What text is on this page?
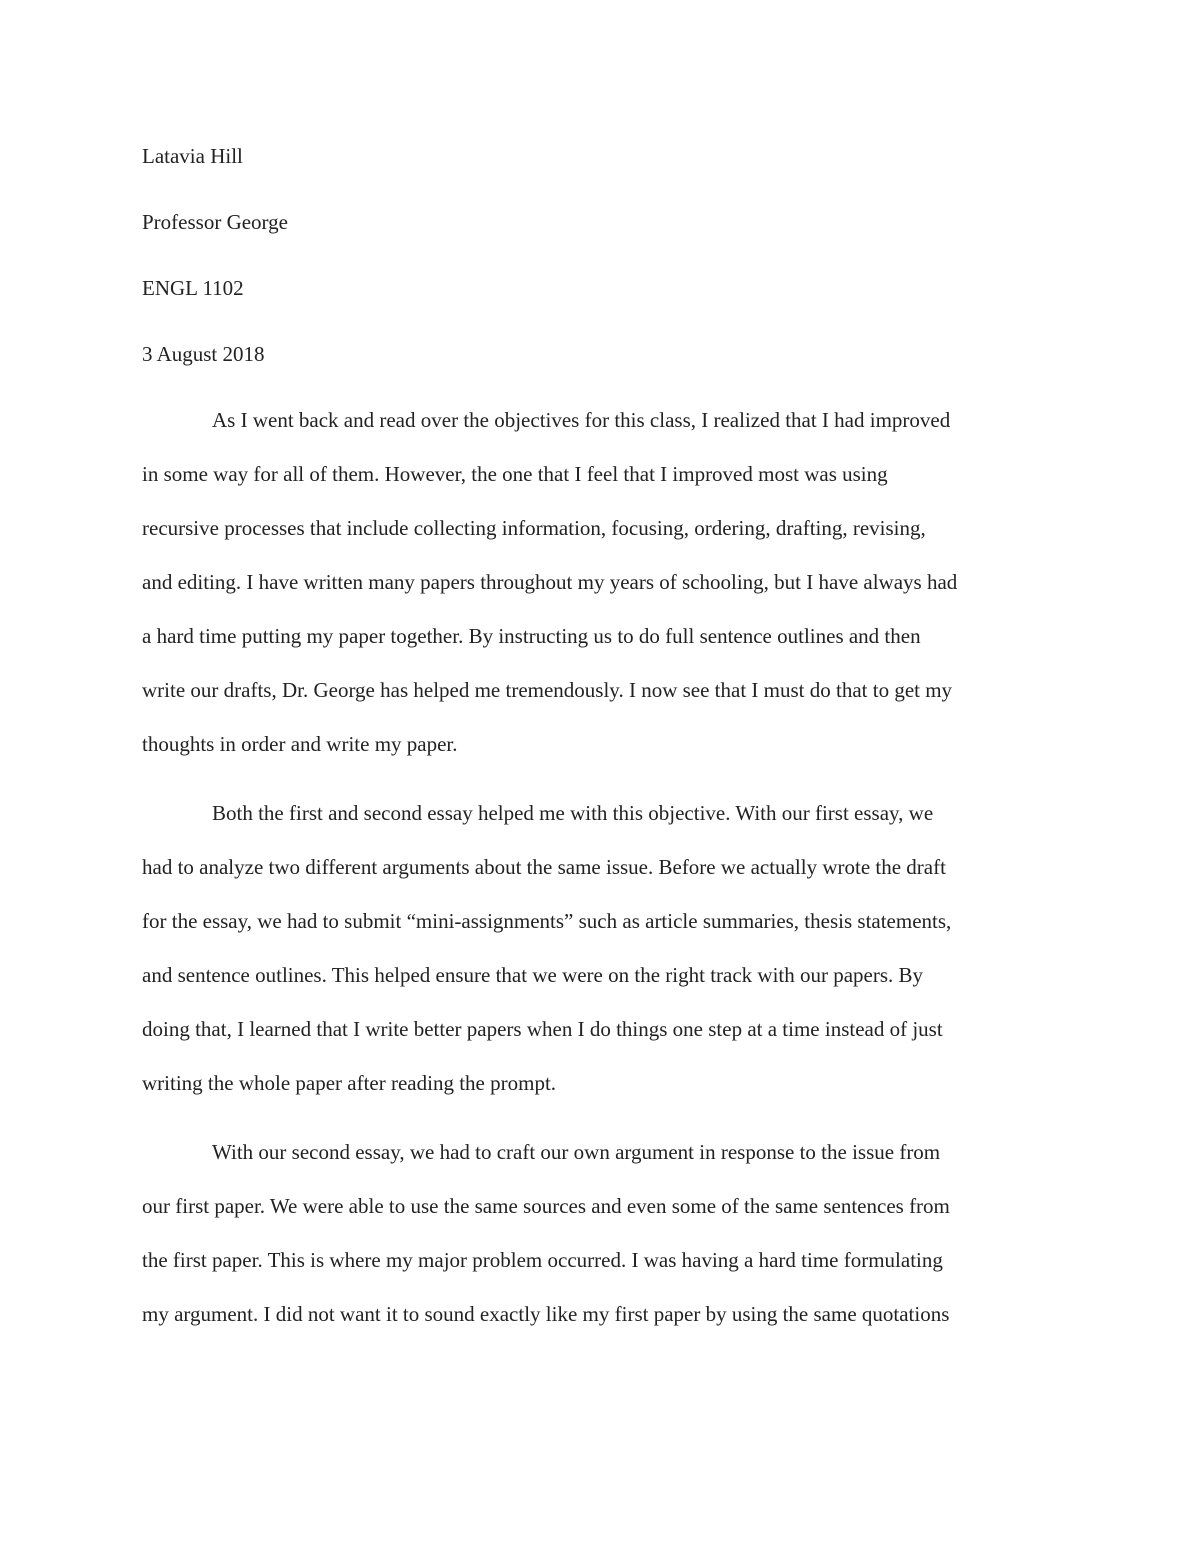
Latavia Hill

Professor George

ENGL 1102

3 August 2018

As I went back and read over the objectives for this class, I realized that I had improved

in some way for all of them. However, the one that I feel that I improved most was using

recursive processes that include collecting information, focusing, ordering, drafting, revising,

and editing. I have written many papers throughout my years of schooling, but I have always had

a hard time putting my paper together. By instructing us to do full sentence outlines and then

write our drafts, Dr. George has helped me tremendously. I now see that I must do that to get my

thoughts in order and write my paper.

Both the first and second essay helped me with this objective. With our first essay, we

had to analyze two different arguments about the same issue. Before we actually wrote the draft

for the essay, we had to submit “mini-assignments” such as article summaries, thesis statements,

and sentence outlines. This helped ensure that we were on the right track with our papers. By

doing that, I learned that I write better papers when I do things one step at a time instead of just

writing the whole paper after reading the prompt.

With our second essay, we had to craft our own argument in response to the issue from

our first paper. We were able to use the same sources and even some of the same sentences from

the first paper. This is where my major problem occurred. I was having a hard time formulating

my argument. I did not want it to sound exactly like my first paper by using the same quotations
